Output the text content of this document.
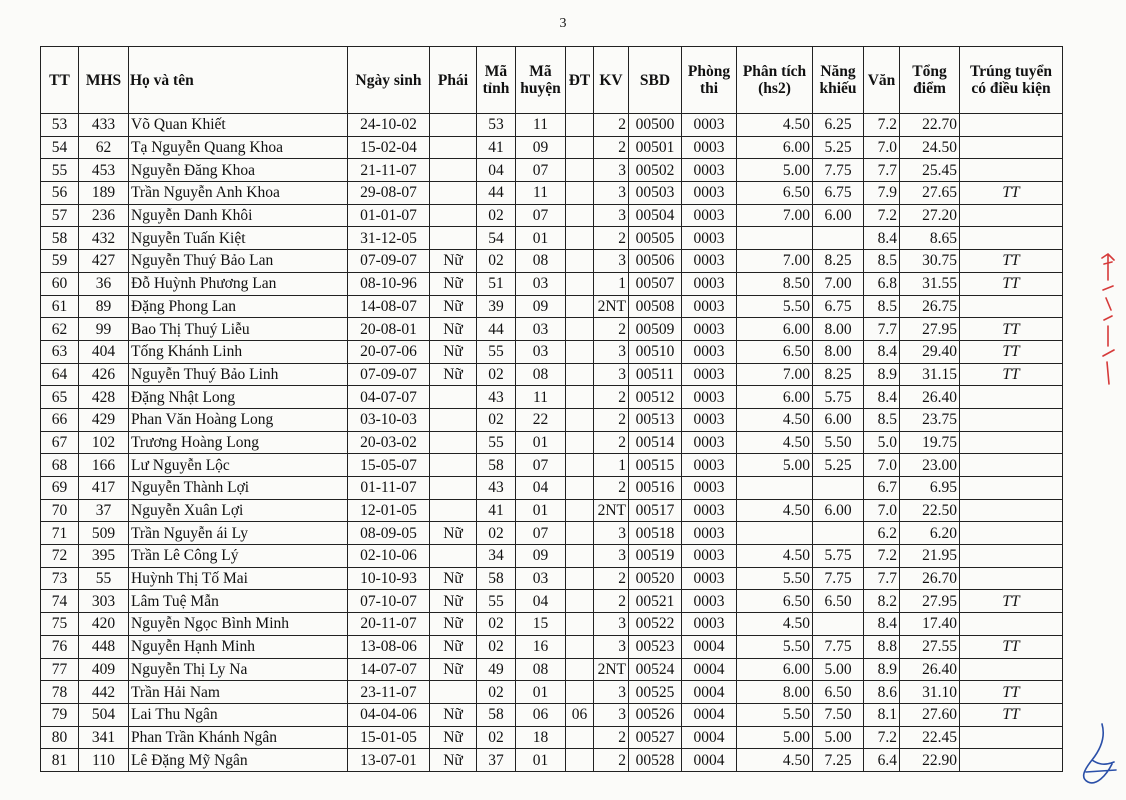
3
TT	MHS	Họ và tên	Ngày sinh	Phái	Mã tỉnh	Mã huyện	ĐT	KV	SBD	Phòng thi	Phân tích (hs2)	Năng khiếu	Văn	Tổng điểm	Trúng tuyển có điều kiện
53	433	Võ Quan Khiết	24-10-02		53	11		2	00500	0003	4.50	6.25	7.2	22.70	
54	62	Tạ Nguyễn Quang Khoa	15-02-04		41	09		2	00501	0003	6.00	5.25	7.0	24.50	
55	453	Nguyễn Đăng Khoa	21-11-07		04	07		3	00502	0003	5.00	7.75	7.7	25.45	
56	189	Trần Nguyễn Anh Khoa	29-08-07		44	11		3	00503	0003	6.50	6.75	7.9	27.65	TT
57	236	Nguyễn Danh Khôi	01-01-07		02	07		3	00504	0003	7.00	6.00	7.2	27.20	
58	432	Nguyễn Tuấn Kiệt	31-12-05		54	01		2	00505	0003			8.4	8.65	
59	427	Nguyễn Thuý Bảo Lan	07-09-07	Nữ	02	08		3	00506	0003	7.00	8.25	8.5	30.75	TT
60	36	Đỗ Huỳnh Phương Lan	08-10-96	Nữ	51	03		1	00507	0003	8.50	7.00	6.8	31.55	TT
61	89	Đặng Phong Lan	14-08-07	Nữ	39	09		2NT	00508	0003	5.50	6.75	8.5	26.75	
62	99	Bao Thị Thuý Liễu	20-08-01	Nữ	44	03		2	00509	0003	6.00	8.00	7.7	27.95	TT
63	404	Tống Khánh Linh	20-07-06	Nữ	55	03		3	00510	0003	6.50	8.00	8.4	29.40	TT
64	426	Nguyễn Thuý Bảo Linh	07-09-07	Nữ	02	08		3	00511	0003	7.00	8.25	8.9	31.15	TT
65	428	Đặng Nhật Long	04-07-07		43	11		2	00512	0003	6.00	5.75	8.4	26.40	
66	429	Phan Văn Hoàng Long	03-10-03		02	22		2	00513	0003	4.50	6.00	8.5	23.75	
67	102	Trương Hoàng Long	20-03-02		55	01		2	00514	0003	4.50	5.50	5.0	19.75	
68	166	Lư Nguyễn Lộc	15-05-07		58	07		1	00515	0003	5.00	5.25	7.0	23.00	
69	417	Nguyễn Thành Lợi	01-11-07		43	04		2	00516	0003			6.7	6.95	
70	37	Nguyễn Xuân Lợi	12-01-05		41	01		2NT	00517	0003	4.50	6.00	7.0	22.50	
71	509	Trần Nguyễn ái Ly	08-09-05	Nữ	02	07		3	00518	0003			6.2	6.20	
72	395	Trần Lê Công Lý	02-10-06		34	09		3	00519	0003	4.50	5.75	7.2	21.95	
73	55	Huỳnh Thị Tố Mai	10-10-93	Nữ	58	03		2	00520	0003	5.50	7.75	7.7	26.70	
74	303	Lâm Tuệ Mẫn	07-10-07	Nữ	55	04		2	00521	0003	6.50	6.50	8.2	27.95	TT
75	420	Nguyễn Ngọc Bình Minh	20-11-07	Nữ	02	15		3	00522	0003	4.50		8.4	17.40	
76	448	Nguyễn Hạnh Minh	13-08-06	Nữ	02	16		3	00523	0004	5.50	7.75	8.8	27.55	TT
77	409	Nguyễn Thị Ly Na	14-07-07	Nữ	49	08		2NT	00524	0004	6.00	5.00	8.9	26.40	
78	442	Trần Hải Nam	23-11-07		02	01		3	00525	0004	8.00	6.50	8.6	31.10	TT
79	504	Lai Thu Ngân	04-04-06	Nữ	58	06	06	3	00526	0004	5.50	7.50	8.1	27.60	TT
80	341	Phan Trần Khánh Ngân	15-01-05	Nữ	02	18		2	00527	0004	5.00	5.00	7.2	22.45	
81	110	Lê Đặng Mỹ Ngân	13-07-01	Nữ	37	01		2	00528	0004	4.50	7.25	6.4	22.90	
